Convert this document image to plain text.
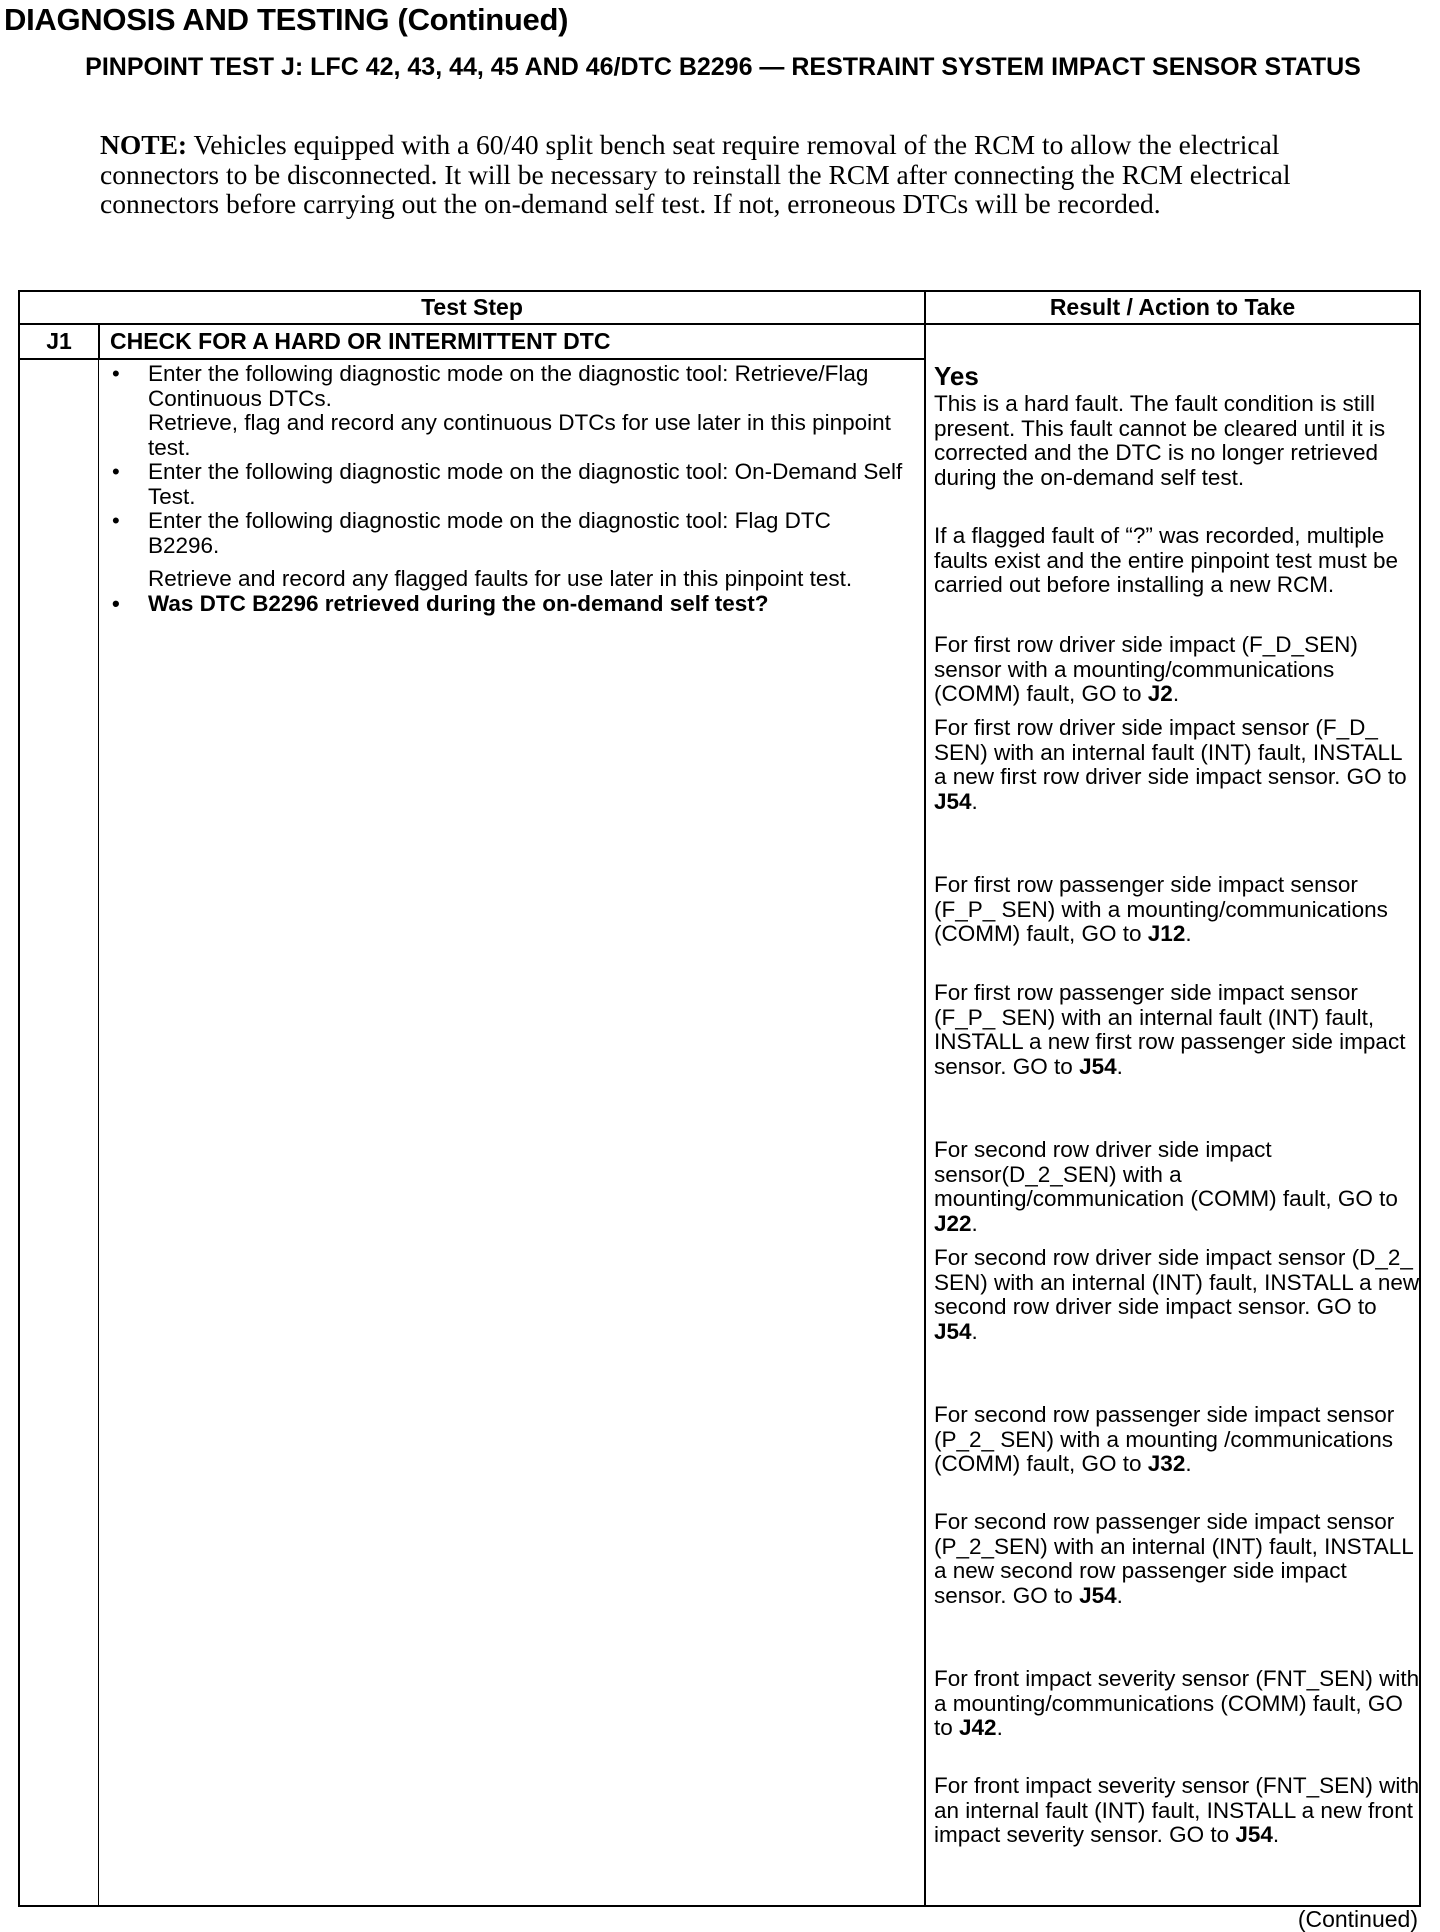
DIAGNOSIS AND TESTING (Continued)
PINPOINT TEST J: LFC 42, 43, 44, 45 AND 46/DTC B2296 — RESTRAINT SYSTEM IMPACT SENSOR STATUS
NOTE: Vehicles equipped with a 60/40 split bench seat require removal of the RCM to allow the electrical connectors to be disconnected. It will be necessary to reinstall the RCM after connecting the RCM electrical connectors before carrying out the on-demand self test. If not, erroneous DTCs will be recorded.
Test Step	Result / Action to Take
J1	CHECK FOR A HARD OR INTERMITTENT DTC
• Enter the following diagnostic mode on the diagnostic tool: Retrieve/Flag Continuous DTCs.
Retrieve, flag and record any continuous DTCs for use later in this pinpoint test.
• Enter the following diagnostic mode on the diagnostic tool: On-Demand Self Test.
• Enter the following diagnostic mode on the diagnostic tool: Flag DTC B2296.
Retrieve and record any flagged faults for use later in this pinpoint test.
• Was DTC B2296 retrieved during the on-demand self test?
Yes
This is a hard fault. The fault condition is still present. This fault cannot be cleared until it is corrected and the DTC is no longer retrieved during the on-demand self test.
If a flagged fault of “?” was recorded, multiple faults exist and the entire pinpoint test must be carried out before installing a new RCM.
For first row driver side impact (F_D_SEN) sensor with a mounting/communications (COMM) fault, GO to J2.
For first row driver side impact sensor (F_D_ SEN) with an internal fault (INT) fault, INSTALL a new first row driver side impact sensor. GO to J54.
For first row passenger side impact sensor (F_P_ SEN) with a mounting/communications (COMM) fault, GO to J12.
For first row passenger side impact sensor (F_P_ SEN) with an internal fault (INT) fault, INSTALL a new first row passenger side impact sensor. GO to J54.
For second row driver side impact sensor(D_2_SEN) with a mounting/communication (COMM) fault, GO to J22.
For second row driver side impact sensor (D_2_ SEN) with an internal (INT) fault, INSTALL a new second row driver side impact sensor. GO to J54.
For second row passenger side impact sensor (P_2_ SEN) with a mounting /communications (COMM) fault, GO to J32.
For second row passenger side impact sensor (P_2_SEN) with an internal (INT) fault, INSTALL a new second row passenger side impact sensor. GO to J54.
For front impact severity sensor (FNT_SEN) with a mounting/communications (COMM) fault, GO to J42.
For front impact severity sensor (FNT_SEN) with an internal fault (INT) fault, INSTALL a new front impact severity sensor. GO to J54.
(Continued)
